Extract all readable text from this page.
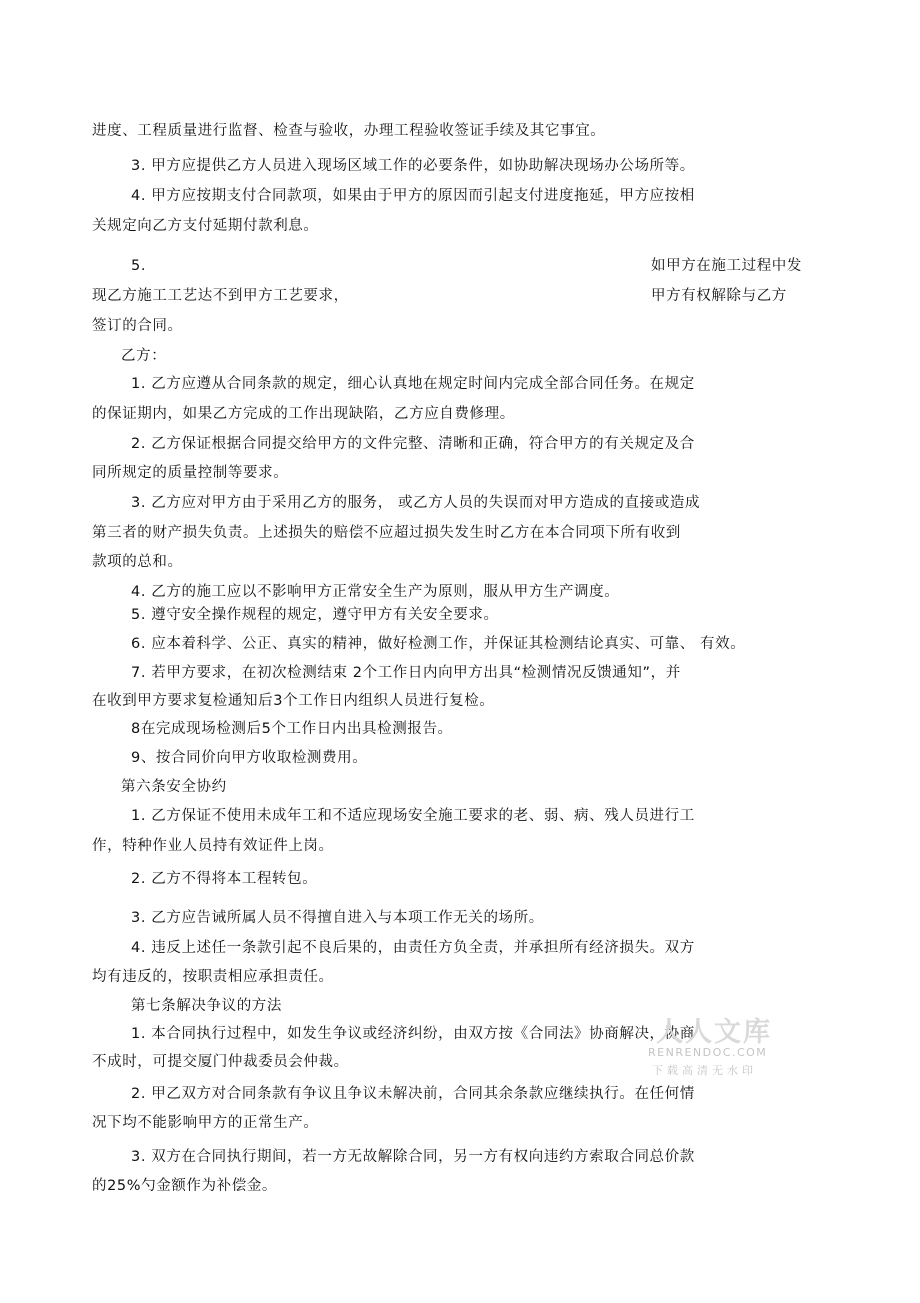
进度、工程质量进行监督、检查与验收，办理工程验收签证手续及其它事宜。
3. 甲方应提供乙方人员进入现场区域工作的必要条件，如协助解决现场办公场所等。
4. 甲方应按期支付合同款项，如果由于甲方的原因而引起支付进度拖延，甲方应按相
关规定向乙方支付延期付款利息。
5.	如甲方在施工过程中发
现乙方施工工艺达不到甲方工艺要求，	甲方有权解除与乙方
签订的合同。
乙方：
1. 乙方应遵从合同条款的规定，细心认真地在规定时间内完成全部合同任务。在规定
的保证期内，如果乙方完成的工作出现缺陷，乙方应自费修理。
2. 乙方保证根据合同提交给甲方的文件完整、清晰和正确，符合甲方的有关规定及合
同所规定的质量控制等要求。
3. 乙方应对甲方由于采用乙方的服务， 或乙方人员的失误而对甲方造成的直接或造成
第三者的财产损失负责。上述损失的赔偿不应超过损失发生时乙方在本合同项下所有收到
款项的总和。
4. 乙方的施工应以不影响甲方正常安全生产为原则，服从甲方生产调度。
5. 遵守安全操作规程的规定，遵守甲方有关安全要求。
6. 应本着科学、公正、真实的精神，做好检测工作，并保证其检测结论真实、可靠、 有效。
7. 若甲方要求，在初次检测结束 2个工作日内向甲方出具“检测情况反馈通知”，并
在收到甲方要求复检通知后3个工作日内组织人员进行复检。
8在完成现场检测后5个工作日内出具检测报告。
9、按合同价向甲方收取检测费用。
第六条安全协约
1. 乙方保证不使用未成年工和不适应现场安全施工要求的老、弱、病、残人员进行工
作，特种作业人员持有效证件上岗。
2. 乙方不得将本工程转包。
3. 乙方应告诫所属人员不得擅自进入与本项工作无关的场所。
4. 违反上述任一条款引起不良后果的，由责任方负全责，并承担所有经济损失。双方
均有违反的，按职责相应承担责任。
第七条解决争议的方法
1. 本合同执行过程中，如发生争议或经济纠纷，由双方按《合同法》协商解决，协商
不成时，可提交厦门仲裁委员会仲裁。
2. 甲乙双方对合同条款有争议且争议未解决前，合同其余条款应继续执行。在任何情
况下均不能影响甲方的正常生产。
3. 双方在合同执行期间，若一方无故解除合同，另一方有权向违约方索取合同总价款
的25%勺金额作为补偿金。
人人文库
RENRENDOC.COM
下载高清无水印
